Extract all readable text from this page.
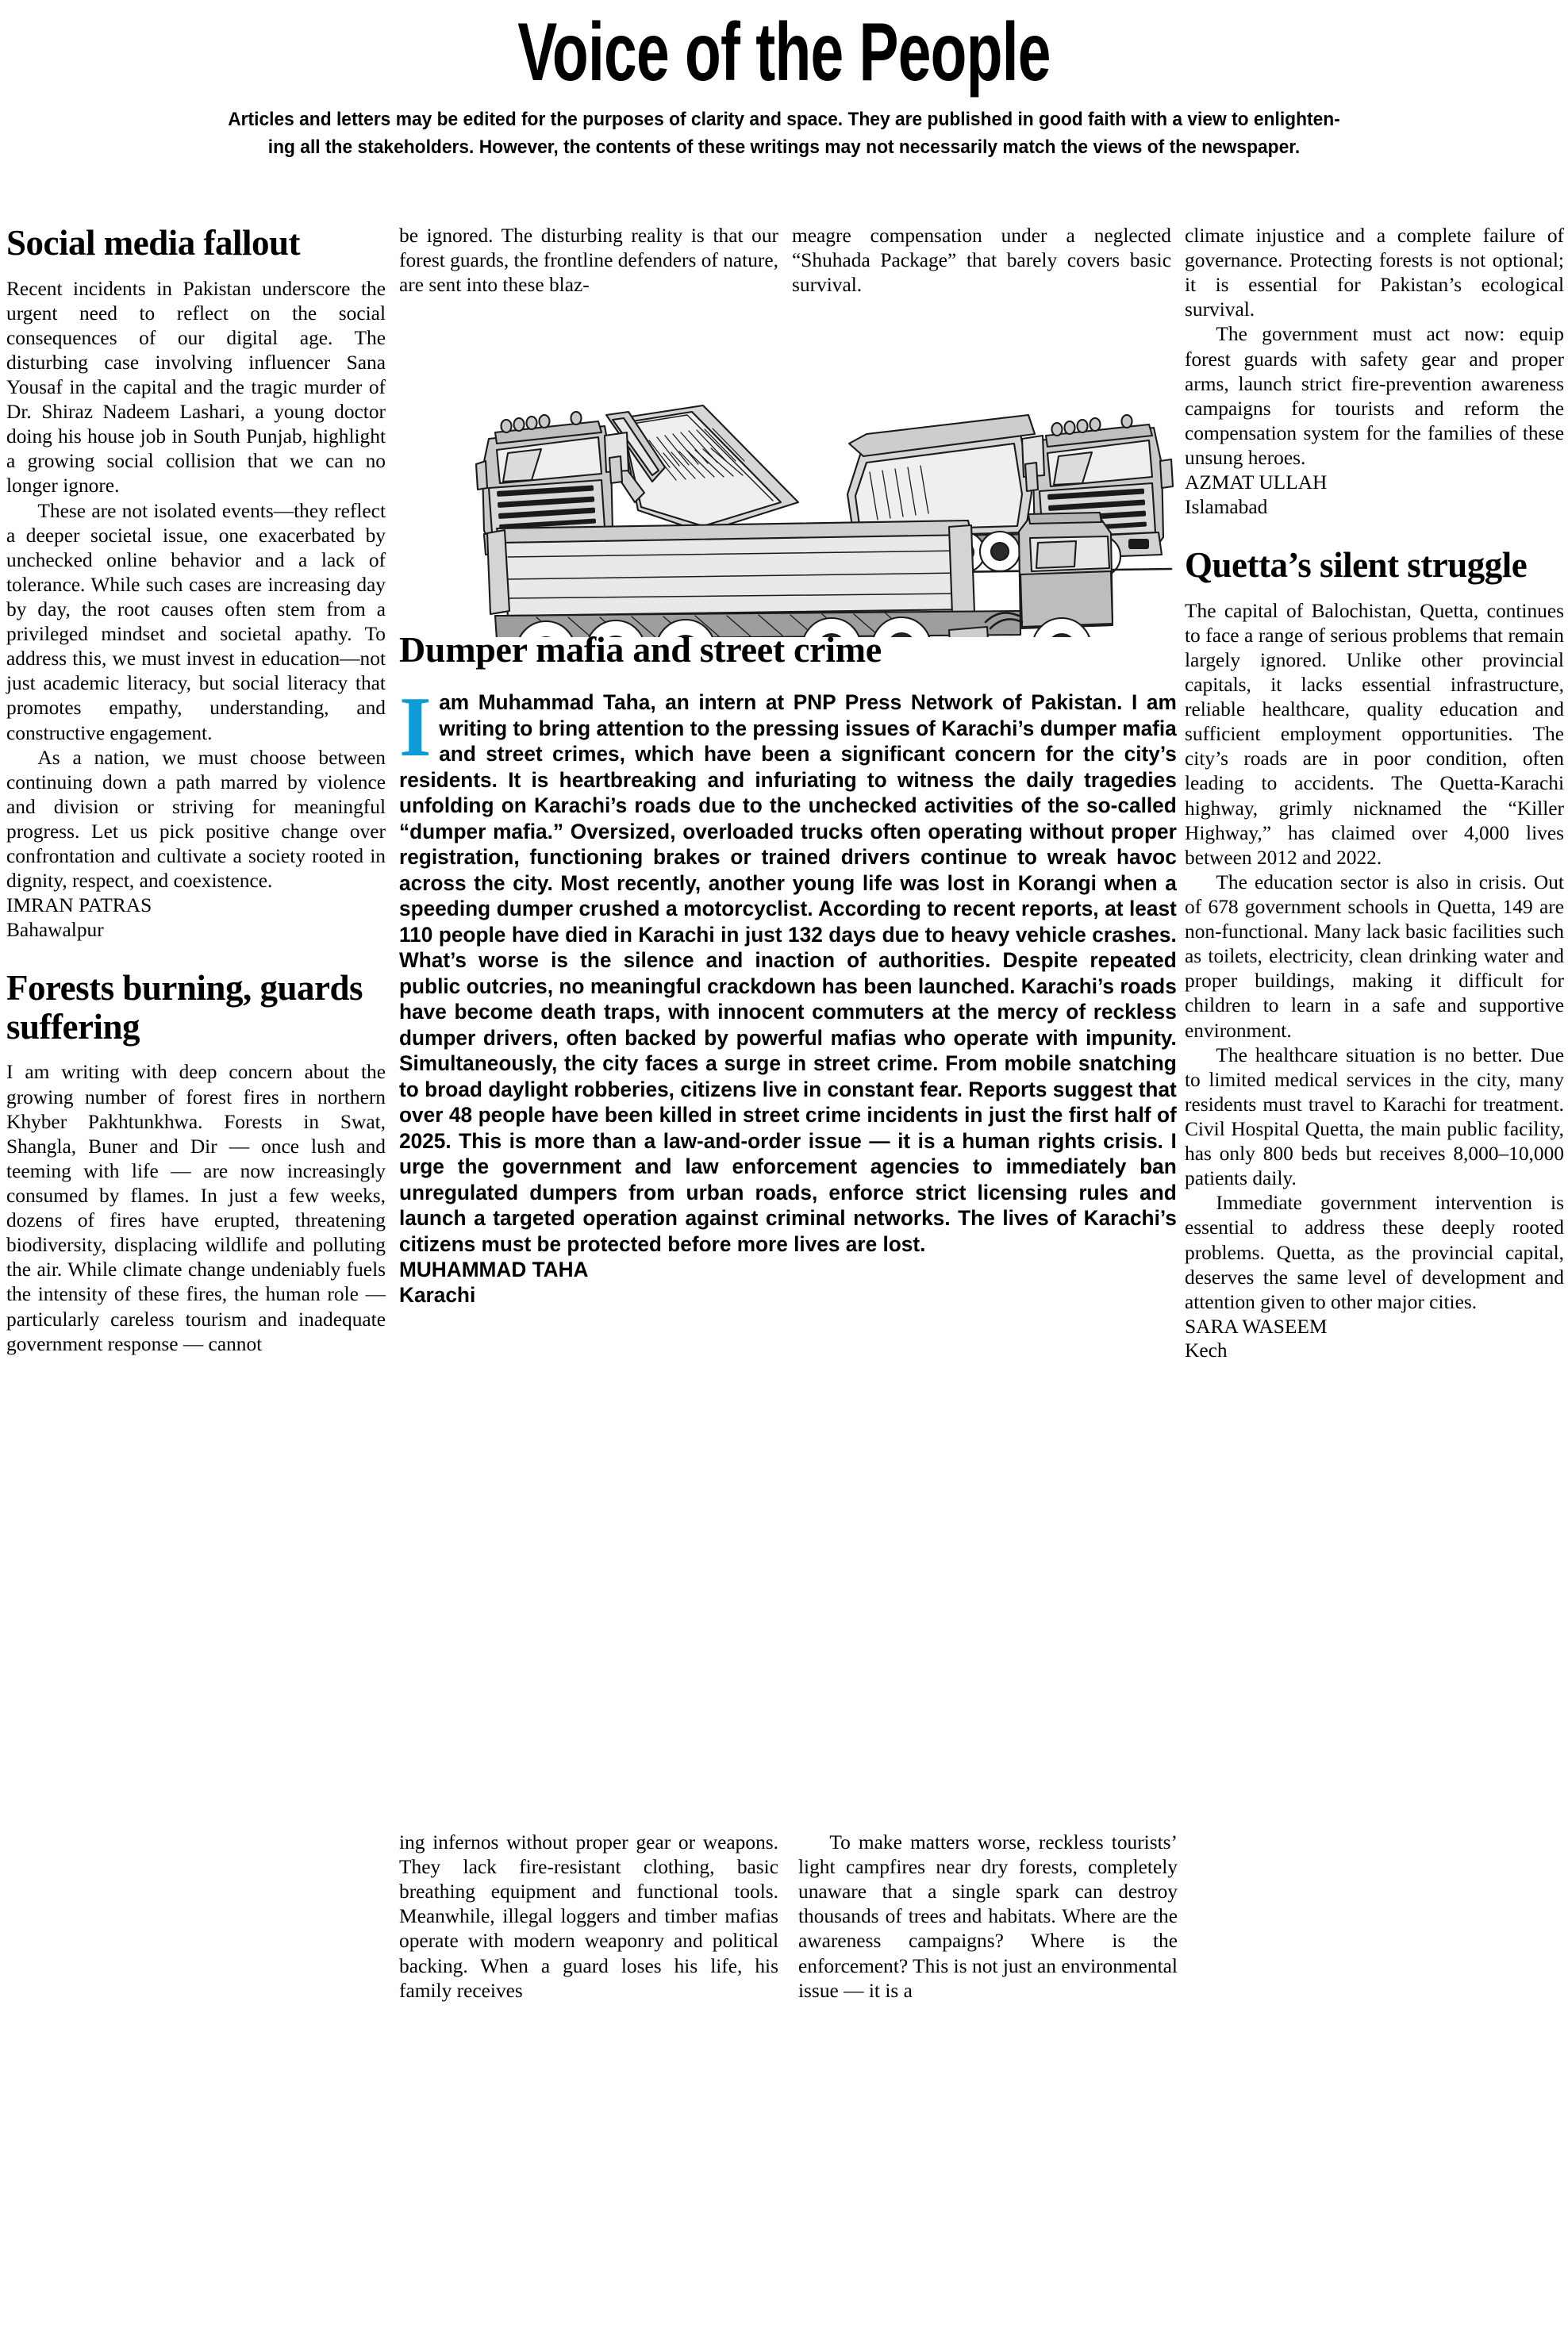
Voice of the People
Articles and letters may be edited for the purposes of clarity and space. They are published in good faith with a view to enlighten-
ing all the stakeholders. However, the contents of these writings may not necessarily match the views of the newspaper.
Social media fallout

Recent incidents in Pakistan underscore the urgent need to reflect on the social consequences of our digital age. The disturbing case involving influencer Sana Yousaf in the capital and the tragic murder of Dr. Shiraz Nadeem Lashari, a young doctor doing his house job in South Punjab, highlight a growing social collision that we can no longer ignore.

These are not isolated events—they reflect a deeper societal issue, one exacerbated by unchecked online behavior and a lack of tolerance. While such cases are increasing day by day, the root causes often stem from a privileged mindset and societal apathy. To address this, we must invest in education—not just academic literacy, but social literacy that promotes empathy, understanding, and constructive engagement.

As a nation, we must choose between continuing down a path marred by violence and division or striving for meaningful progress. Let us pick positive change over confrontation and cultivate a society rooted in dignity, respect, and coexistence.

IMRAN PATRAS

Bahawalpur

Forests burning, guards suffering

I am writing with deep concern about the growing number of forest fires in northern Khyber Pakhtunkhwa. Forests in Swat, Shangla, Buner and Dir — once lush and teeming with life — are now increasingly consumed by flames. In just a few weeks, dozens of fires have erupted, threatening biodiversity, displacing wildlife and polluting the air. While climate change undeniably fuels the intensity of these fires, the human role — particularly careless tourism and inadequate government response — cannot

be ignored. The disturbing reality is that our forest guards, the frontline defenders of nature, are sent into these blaz-

meagre compensation under a neglected “Shuhada Package” that barely covers basic survival.

climate injustice and a complete failure of governance. Protecting forests is not optional; it is essential for Pakistan’s ecological survival.

The government must act now: equip forest guards with safety gear and proper arms, launch strict fire-prevention awareness campaigns for tourists and reform the compensation system for the families of these unsung heroes.

AZMAT ULLAH

Islamabad

Quetta’s silent struggle

The capital of Balochistan, Quetta, continues to face a range of serious problems that remain largely ignored. Unlike other provincial capitals, it lacks essential infrastructure, reliable healthcare, quality education and sufficient employment opportunities. The city’s roads are in poor condition, often leading to accidents. The Quetta-Karachi highway, grimly nicknamed the “Killer Highway,” has claimed over 4,000 lives between 2012 and 2022.

The education sector is also in crisis. Out of 678 government schools in Quetta, 149 are non-functional. Many lack basic facilities such as toilets, electricity, clean drinking water and proper buildings, making it difficult for children to learn in a safe and supportive environment.

The healthcare situation is no better. Due to limited medical services in the city, many residents must travel to Karachi for treatment. Civil Hospital Quetta, the main public facility, has only 800 beds but receives 8,000–10,000 patients daily.

Immediate government intervention is essential to address these deeply rooted problems. Quetta, as the provincial capital, deserves the same level of development and attention given to other major cities.

SARA WASEEM

Kech

Dumper mafia and street crime

Iam Muhammad Taha, an intern at PNP Press Network of Pakistan. I am writing to bring attention to the pressing issues of Karachi’s dumper mafia and street crimes, which have been a significant concern for the city’s residents. It is heartbreaking and infuriating to witness the daily tragedies unfolding on Karachi’s roads due to the unchecked activities of the so-called “dumper mafia.” Oversized, overloaded trucks often operating without proper registration, functioning brakes or trained drivers continue to wreak havoc across the city. Most recently, another young life was lost in Korangi when a speeding dumper crushed a motorcyclist. According to recent reports, at least 110 people have died in Karachi in just 132 days due to heavy vehicle crashes. What’s worse is the silence and inaction of authorities. Despite repeated public outcries, no meaningful crackdown has been launched. Karachi’s roads have become death traps, with innocent commuters at the mercy of reckless dumper drivers, often backed by powerful mafias who operate with impunity. Simultaneously, the city faces a surge in street crime. From mobile snatching to broad daylight robberies, citizens live in constant fear. Reports suggest that over 48 people have been killed in street crime incidents in just the first half of 2025. This is more than a law-and-order issue — it is a human rights crisis. I urge the government and law enforcement agencies to immediately ban unregulated dumpers from urban roads, enforce strict licensing rules and launch a targeted operation against criminal networks. The lives of Karachi’s citizens must be protected before more lives are lost.

MUHAMMAD TAHA

Karachi

ing infernos without proper gear or weapons. They lack fire-resistant clothing, basic breathing equipment and functional tools. Meanwhile, illegal loggers and timber mafias operate with modern weaponry and political backing. When a guard loses his life, his family receives

To make matters worse, reckless tourists’ light campfires near dry forests, completely unaware that a single spark can destroy thousands of trees and habitats. Where are the awareness campaigns? Where is the enforcement? This is not just an environmental issue — it is a
